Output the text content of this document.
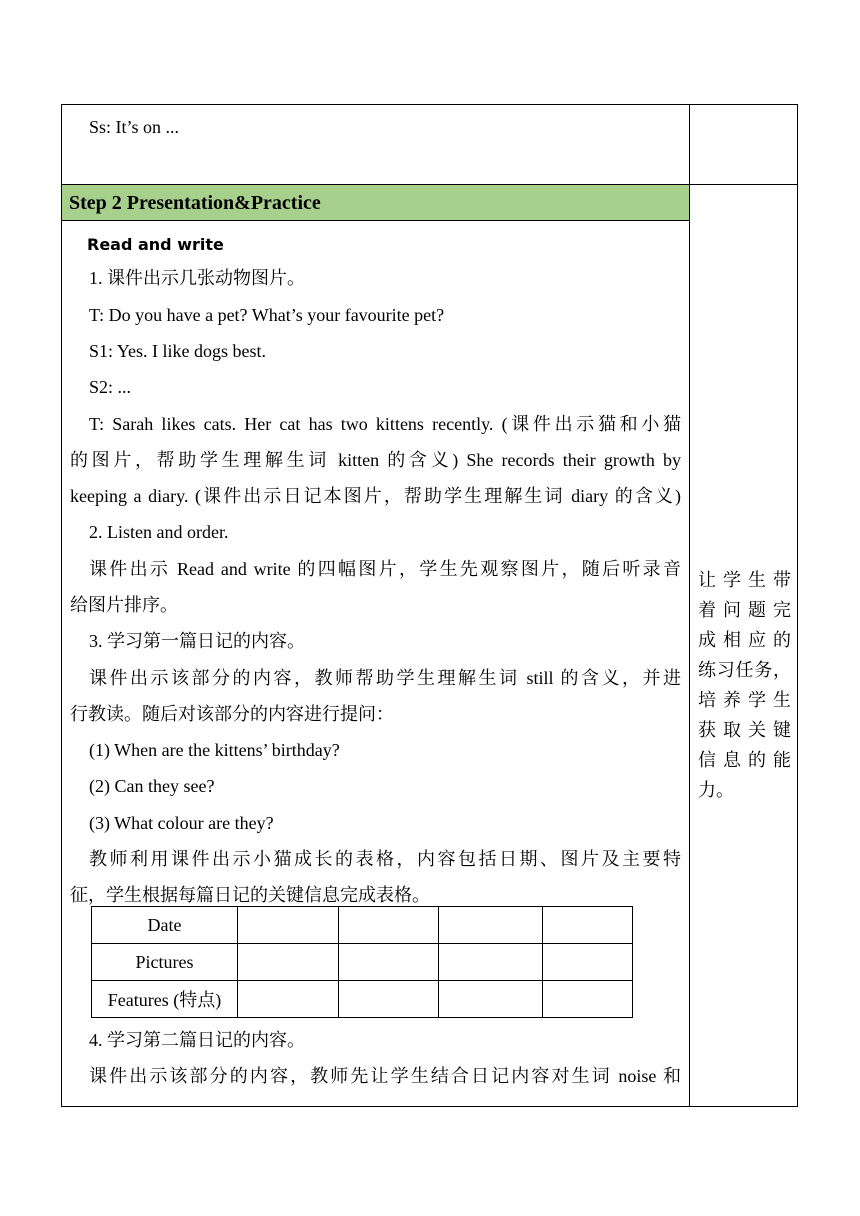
Ss: It’s on ...
Step 2 Presentation&Practice
Read and write
1. 课件出示几张动物图片。
T: Do you have a pet? What’s your favourite pet?
S1: Yes. I like dogs best.
S2: ...
T: Sarah likes cats. Her cat has two kittens recently. (课件出示猫和小猫
的图片，帮助学生理解生词 kitten 的含义) She records their growth by
keeping a diary. (课件出示日记本图片，帮助学生理解生词 diary 的含义)
2. Listen and order.
课件出示 Read and write 的四幅图片，学生先观察图片，随后听录音
给图片排序。
3. 学习第一篇日记的内容。
课件出示该部分的内容，教师帮助学生理解生词 still 的含义，并进
行教读。随后对该部分的内容进行提问：
(1) When are the kittens’ birthday?
(2) Can they see?
(3) What colour are they?
教师利用课件出示小猫成长的表格，内容包括日期、图片及主要特
征，学生根据每篇日记的关键信息完成表格。
Date				
Pictures				
Features (特点)				
4. 学习第二篇日记的内容。
课件出示该部分的内容，教师先让学生结合日记内容对生词 noise 和
让学生带
着问题完
成相应的
练习任务，
培养学生
获取关键
信息的能
力。
